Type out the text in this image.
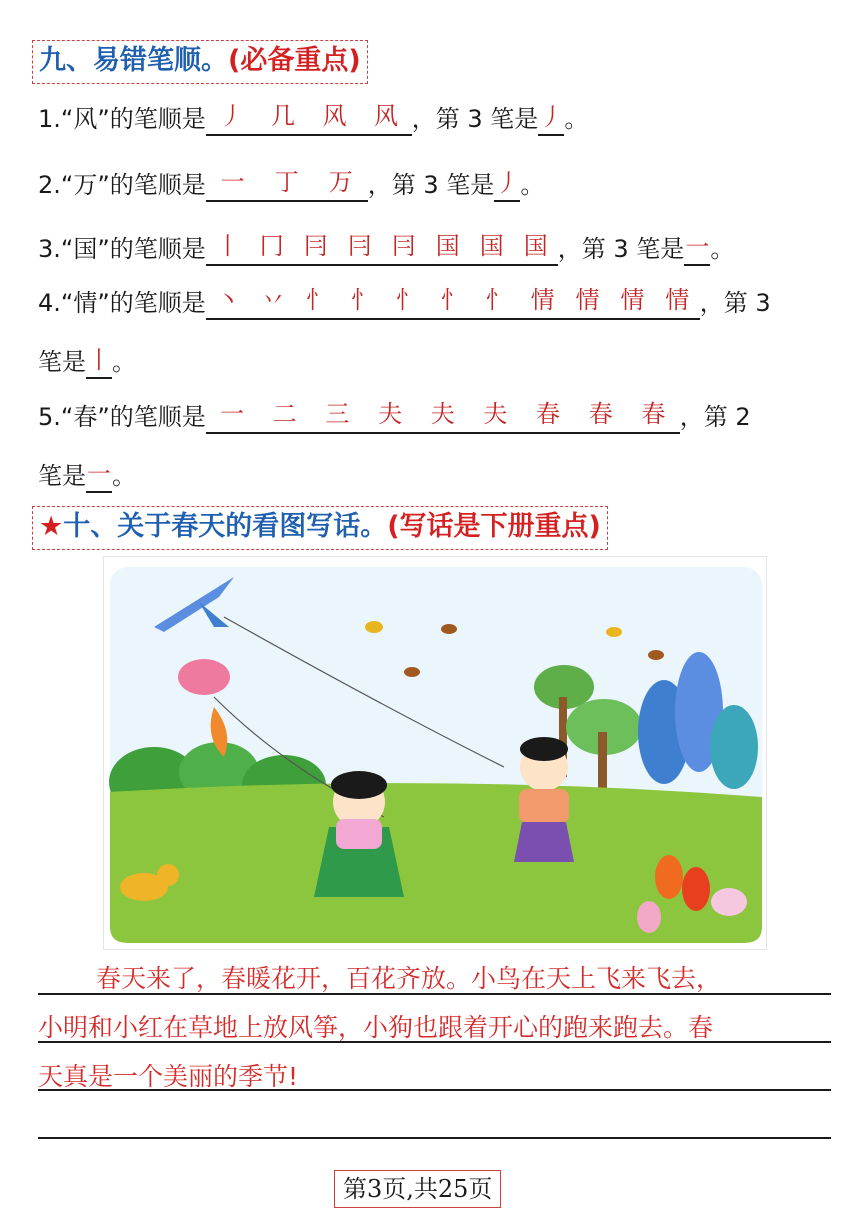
九、易错笔顺。(必备重点)
1.“风”的笔顺是 丿 几 风 风 ，第 3 笔是丿。
2.“万”的笔顺是 一 丁 万 ，第 3 笔是丿。
3.“国”的笔顺是 丨 冂 冃 冃 冃 国 国 国 ，第 3 笔是一。
4.“情”的笔顺是 丶 丷 忄 忄 忄 忄 忄 情 情 情 情 ，第 3
笔是丨。
5.“春”的笔顺是 一 二 三 夫 夫 夫 春 春 春 ，第 2
笔是一。
★十、关于春天的看图写话。(写话是下册重点)
春天来了，春暖花开，百花齐放。小鸟在天上飞来飞去，
小明和小红在草地上放风筝，小狗也跟着开心的跑来跑去。春
天真是一个美丽的季节!
第3页,共25页
